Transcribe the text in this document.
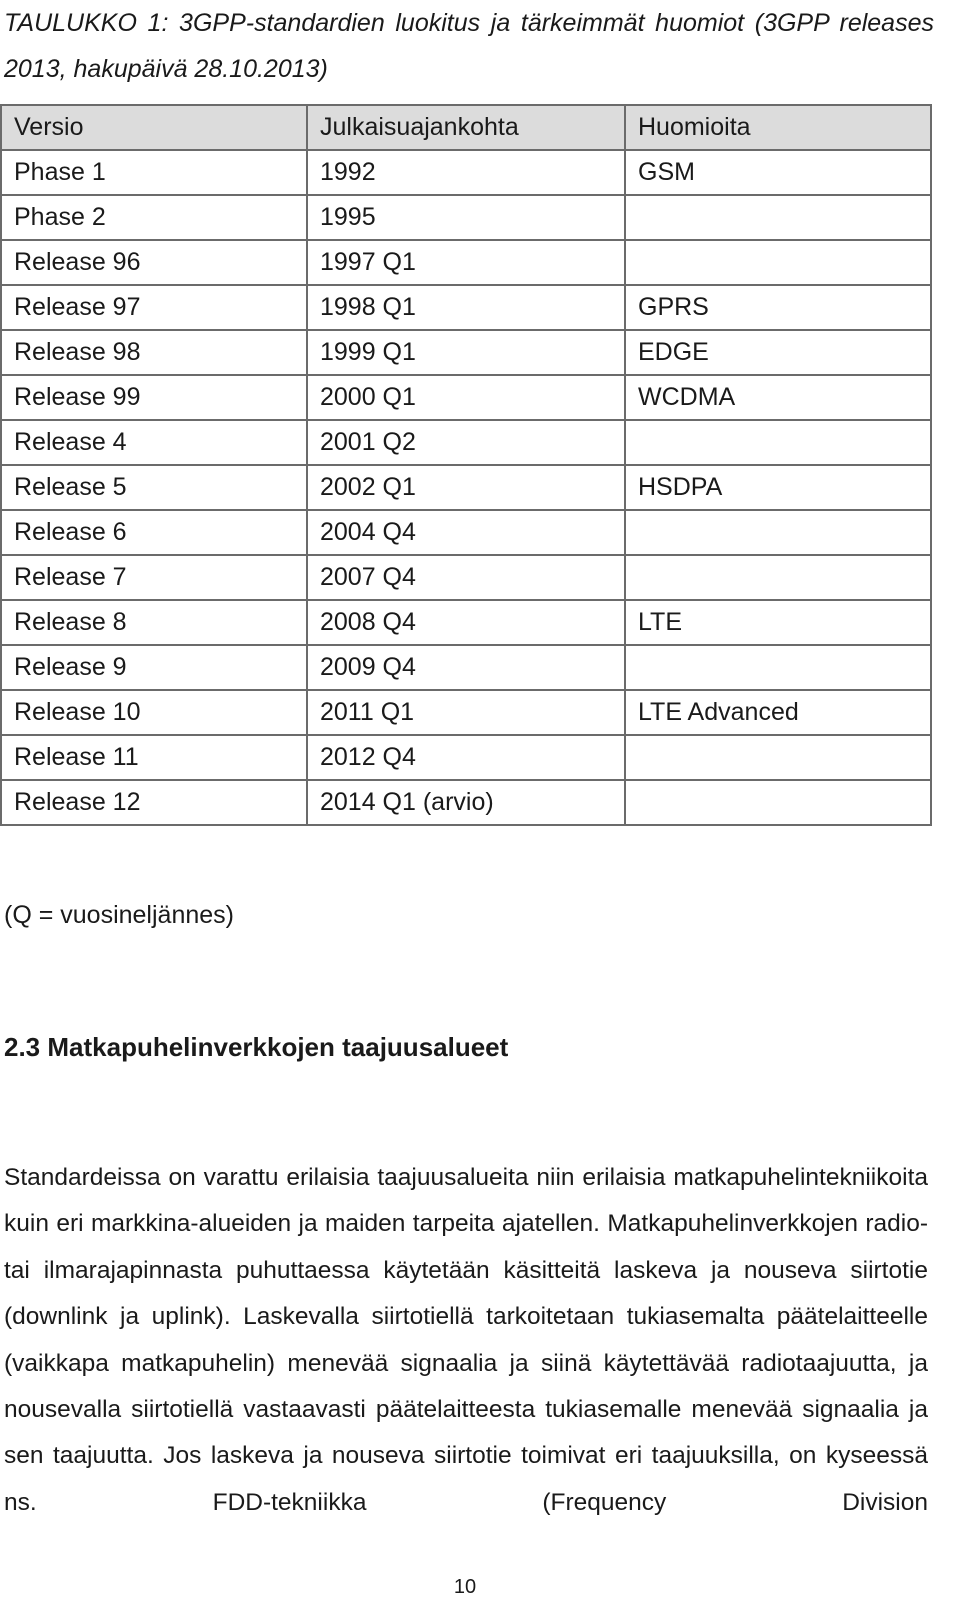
TAULUKKO 1: 3GPP-standardien luokitus ja tärkeimmät huomiot (3GPP releases 2013, hakupäivä 28.10.2013)
Versio	Julkaisuajankohta	Huomioita
Phase 1	1992	GSM
Phase 2	1995	
Release 96	1997 Q1	
Release 97	1998 Q1	GPRS
Release 98	1999 Q1	EDGE
Release 99	2000 Q1	WCDMA
Release 4	2001 Q2	
Release 5	2002 Q1	HSDPA
Release 6	2004 Q4	
Release 7	2007 Q4	
Release 8	2008 Q4	LTE
Release 9	2009 Q4	
Release 10	2011 Q1	LTE Advanced
Release 11	2012 Q4	
Release 12	2014 Q1 (arvio)	
(Q = vuosineljännes)
2.3 Matkapuhelinverkkojen taajuusalueet

Standardeissa on varattu erilaisia taajuusalueita niin erilaisia matkapuhelintekniikoita kuin eri markkina-alueiden ja maiden tarpeita ajatellen. Matkapuhelinverkkojen radio- tai ilmarajapinnasta puhuttaessa käytetään käsitteitä laskeva ja nouseva siirtotie (downlink ja uplink). Laskevalla siirtotiellä tarkoitetaan tukiasemalta päätelaitteelle (vaikkapa matkapuhelin) menevää signaalia ja siinä käytettävää radiotaajuutta, ja nousevalla siirtotiellä vastaavasti päätelaitteesta tukiasemalle menevää signaalia ja sen taajuutta. Jos laskeva ja nouseva siirtotie toimivat eri taajuuksilla, on kyseessä ns. FDD-tekniikka (Frequency Division

10
